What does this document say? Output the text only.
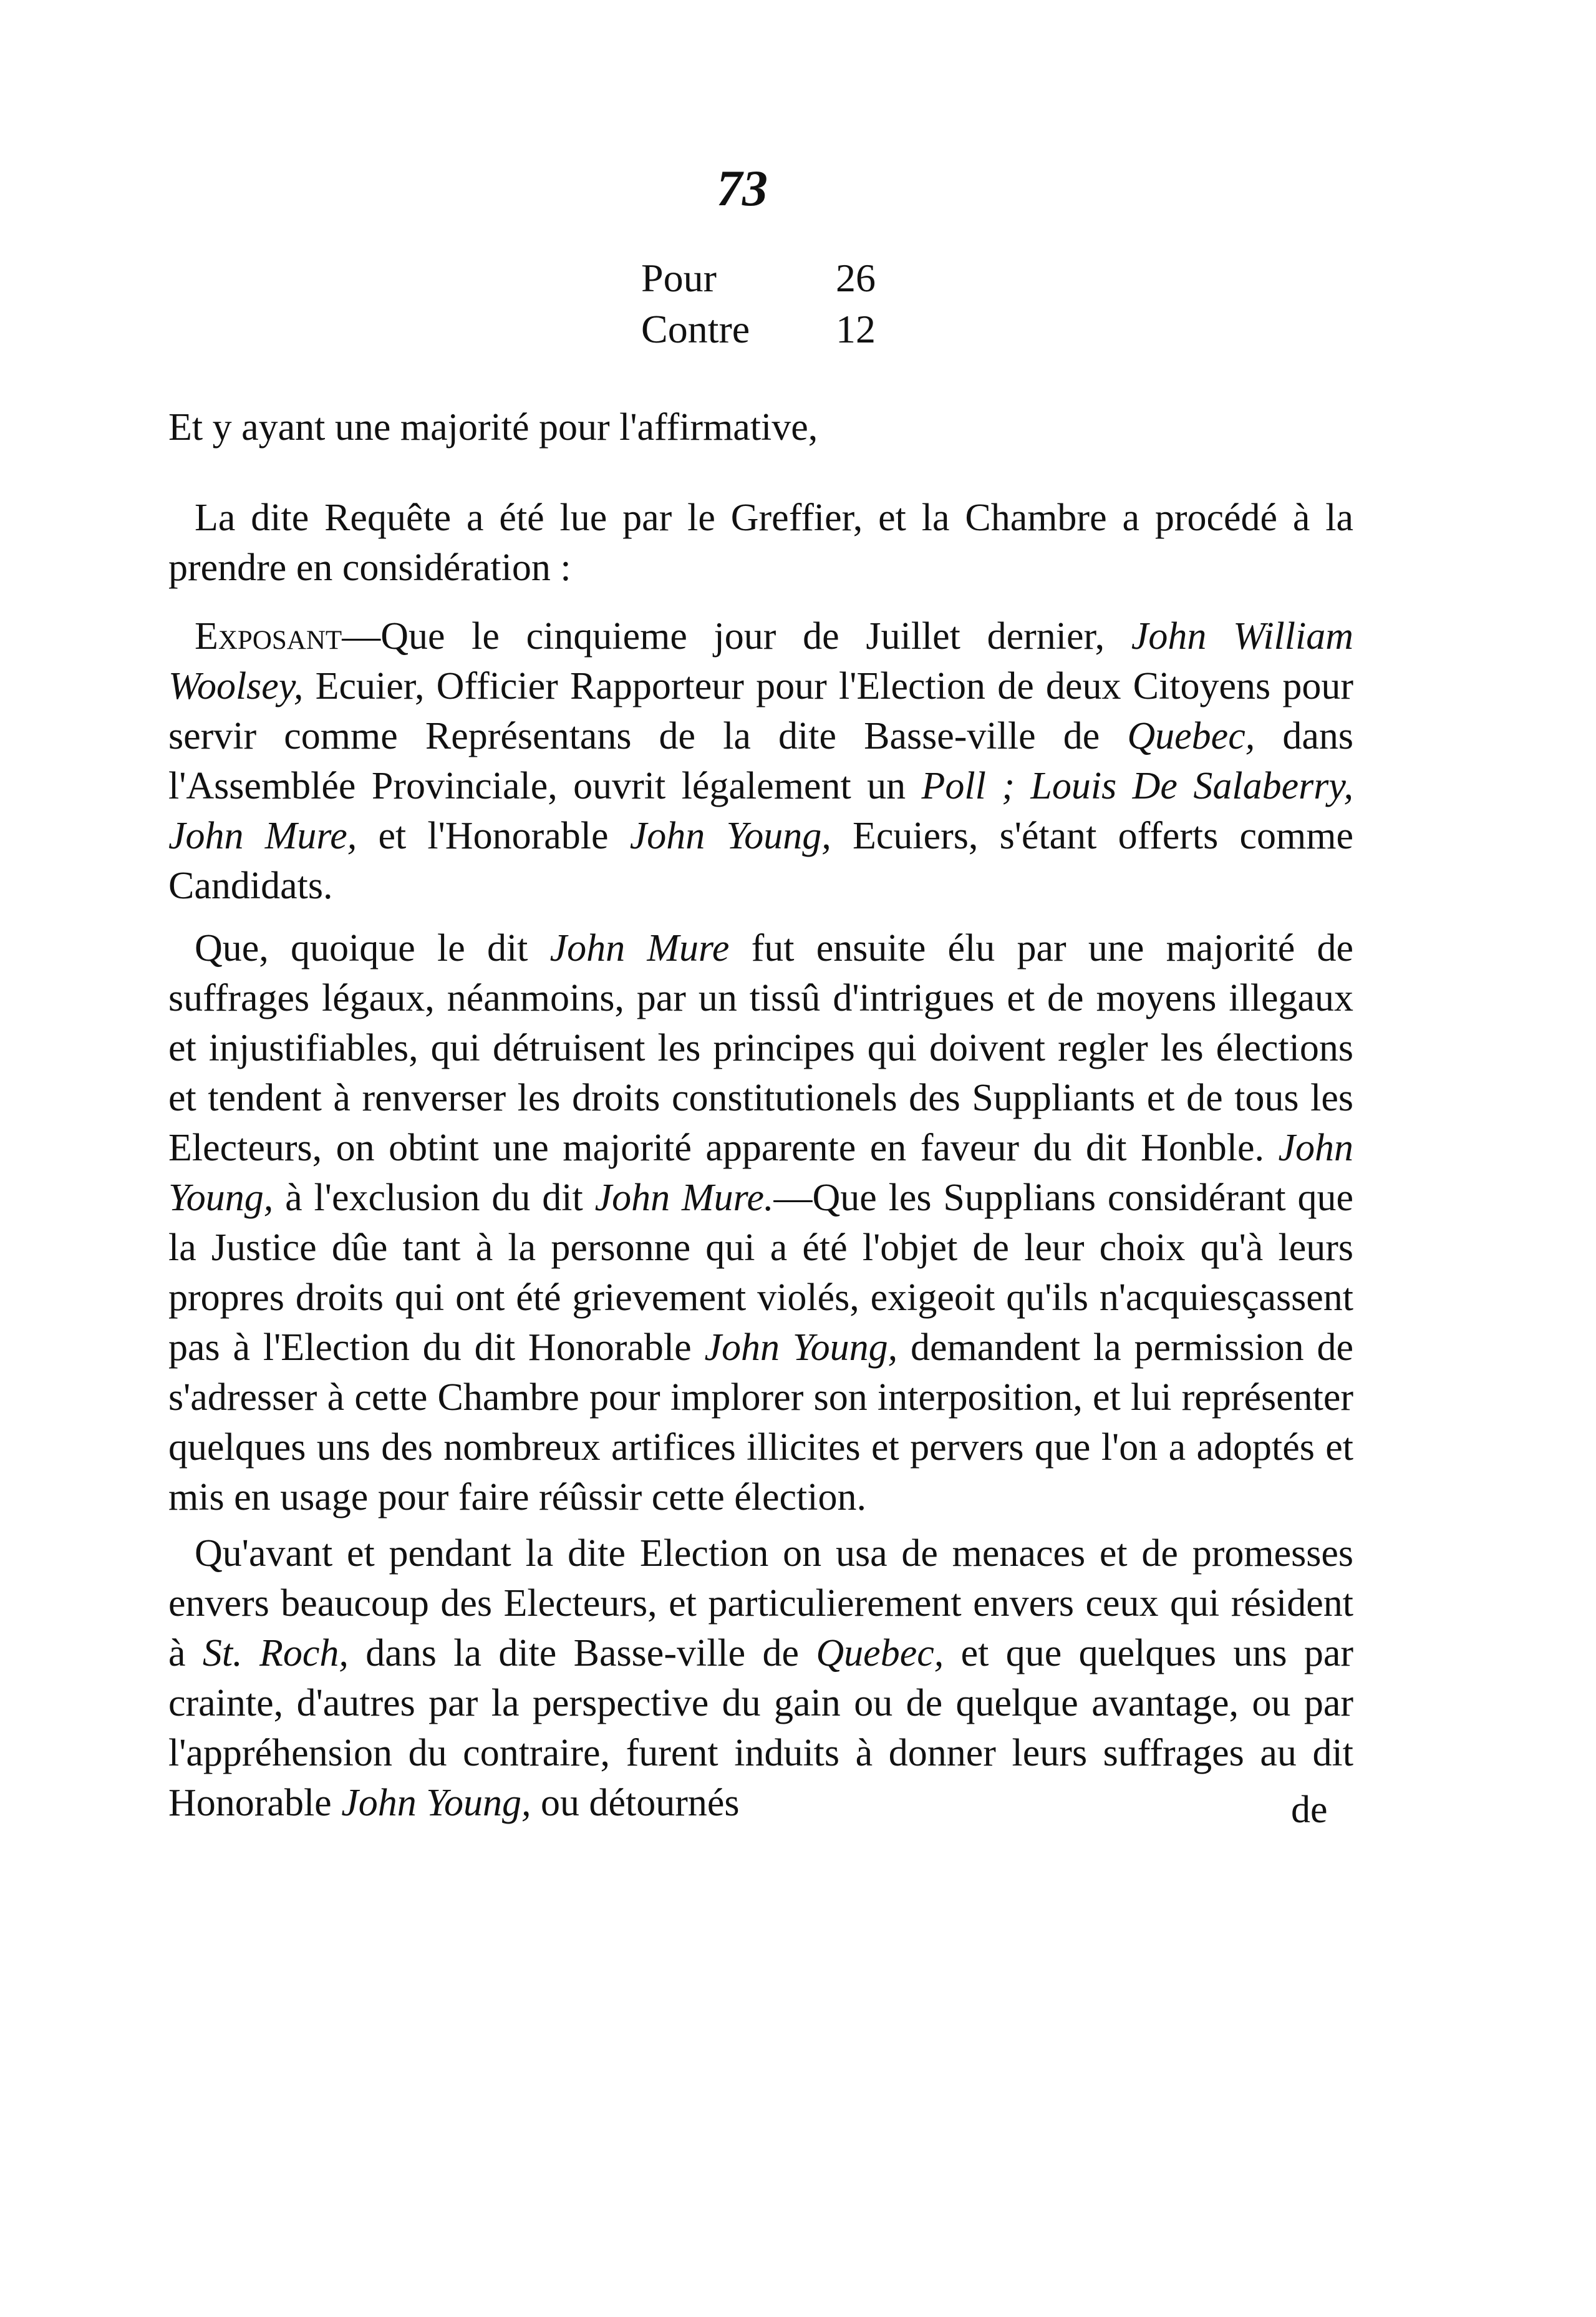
73
Pour	26
Contre	12

Et y ayant une majorité pour l'affirmative,

La dite Requête a été lue par le Greffier, et la Chambre a procédé à la prendre en considération :

Exposant—Que le cinquieme jour de Juillet dernier, John William Woolsey, Ecuier, Officier Rapporteur pour l'Election de deux Citoyens pour servir comme Représentans de la dite Basse-ville de Quebec, dans l'Assemblée Provinciale, ouvrit légalement un Poll ; Louis De Salaberry, John Mure, et l'Honorable John Young, Ecuiers, s'étant offerts comme Candidats.

Que, quoique le dit John Mure fut ensuite élu par une majorité de suffrages légaux, néanmoins, par un tissû d'intrigues et de moyens illegaux et injustifiables, qui détruisent les principes qui doivent regler les élections et tendent à renverser les droits constitutionels des Suppliants et de tous les Electeurs, on obtint une majorité apparente en faveur du dit Honble. John Young, à l'exclusion du dit John Mure.—Que les Supplians considérant que la Justice dûe tant à la personne qui a été l'objet de leur choix qu'à leurs propres droits qui ont été grievement violés, exigeoit qu'ils n'acquiesçassent pas à l'Election du dit Honorable John Young, demandent la permission de s'adresser à cette Chambre pour implorer son interposition, et lui représenter quelques uns des nombreux artifices illicites et pervers que l'on a adoptés et mis en usage pour faire réûssir cette élection.

Qu'avant et pendant la dite Election on usa de menaces et de promesses envers beaucoup des Electeurs, et particulierement envers ceux qui résident à St. Roch, dans la dite Basse-ville de Quebec, et que quelques uns par crainte, d'autres par la perspective du gain ou de quelque avantage, ou par l'appréhension du contraire, furent induits à donner leurs suffrages au dit Honorable John Young, ou détournés	de
